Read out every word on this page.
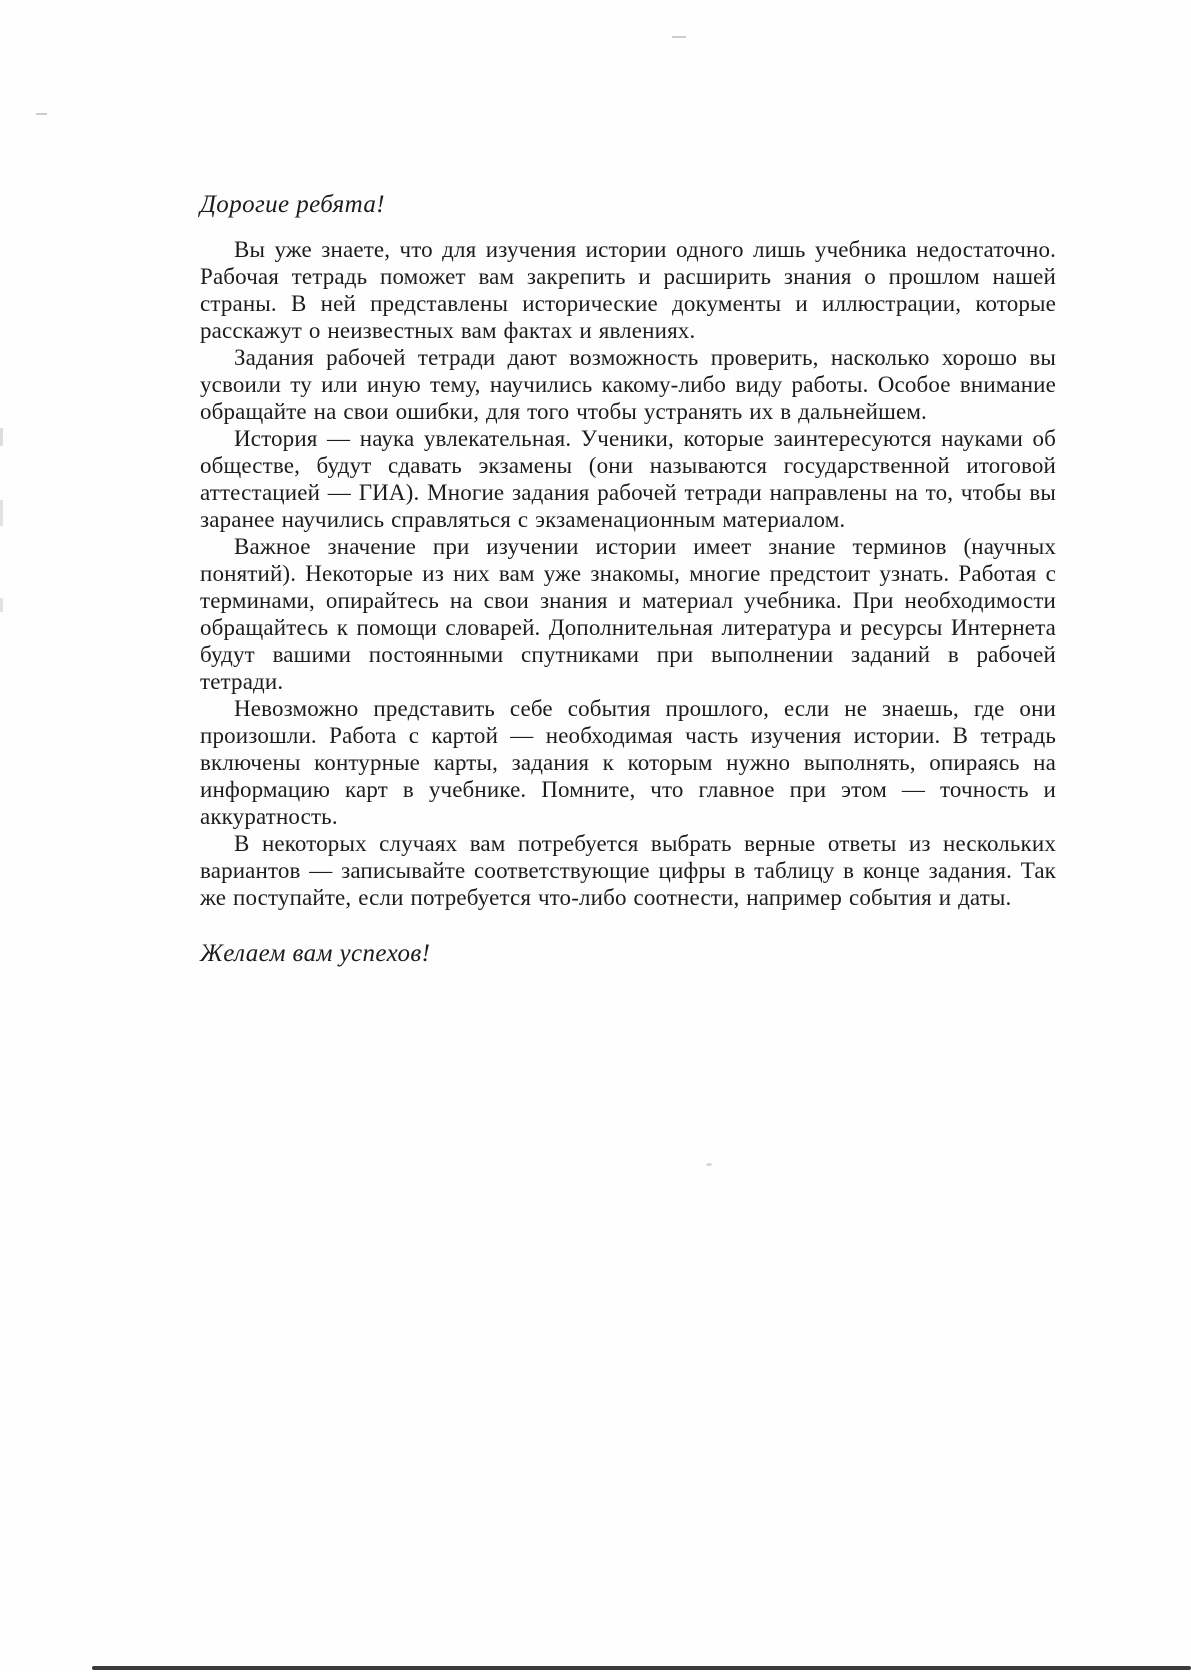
Дорогие ребята!

Вы уже знаете, что для изучения истории одного лишь учебника недостаточно. Рабочая тетрадь поможет вам закрепить и расширить знания о прошлом нашей страны. В ней представлены исторические документы и иллюстрации, которые расскажут о неизвестных вам фактах и явлениях.

Задания рабочей тетради дают возможность проверить, насколько хорошо вы усвоили ту или иную тему, научились какому-либо виду работы. Особое внимание обращайте на свои ошибки, для того чтобы устранять их в дальнейшем.

История — наука увлекательная. Ученики, которые заинтересуются науками об обществе, будут сдавать экзамены (они называются государственной итоговой аттестацией — ГИА). Многие задания рабочей тетради направлены на то, чтобы вы заранее научились справляться с экзаменационным материалом.

Важное значение при изучении истории имеет знание терминов (научных понятий). Некоторые из них вам уже знакомы, многие предстоит узнать. Работая с терминами, опирайтесь на свои знания и материал учебника. При необходимости обращайтесь к помощи словарей. Дополнительная литература и ресурсы Интернета будут вашими постоянными спутниками при выполнении заданий в рабочей тетради.

Невозможно представить себе события прошлого, если не знаешь, где они произошли. Работа с картой — необходимая часть изучения истории. В тетрадь включены контурные карты, задания к которым нужно выполнять, опираясь на информацию карт в учебнике. Помните, что главное при этом — точность и аккуратность.

В некоторых случаях вам потребуется выбрать верные ответы из нескольких вариантов — записывайте соответствующие цифры в таблицу в конце задания. Так же поступайте, если потребуется что-либо соотнести, например события и даты.

Желаем вам успехов!
